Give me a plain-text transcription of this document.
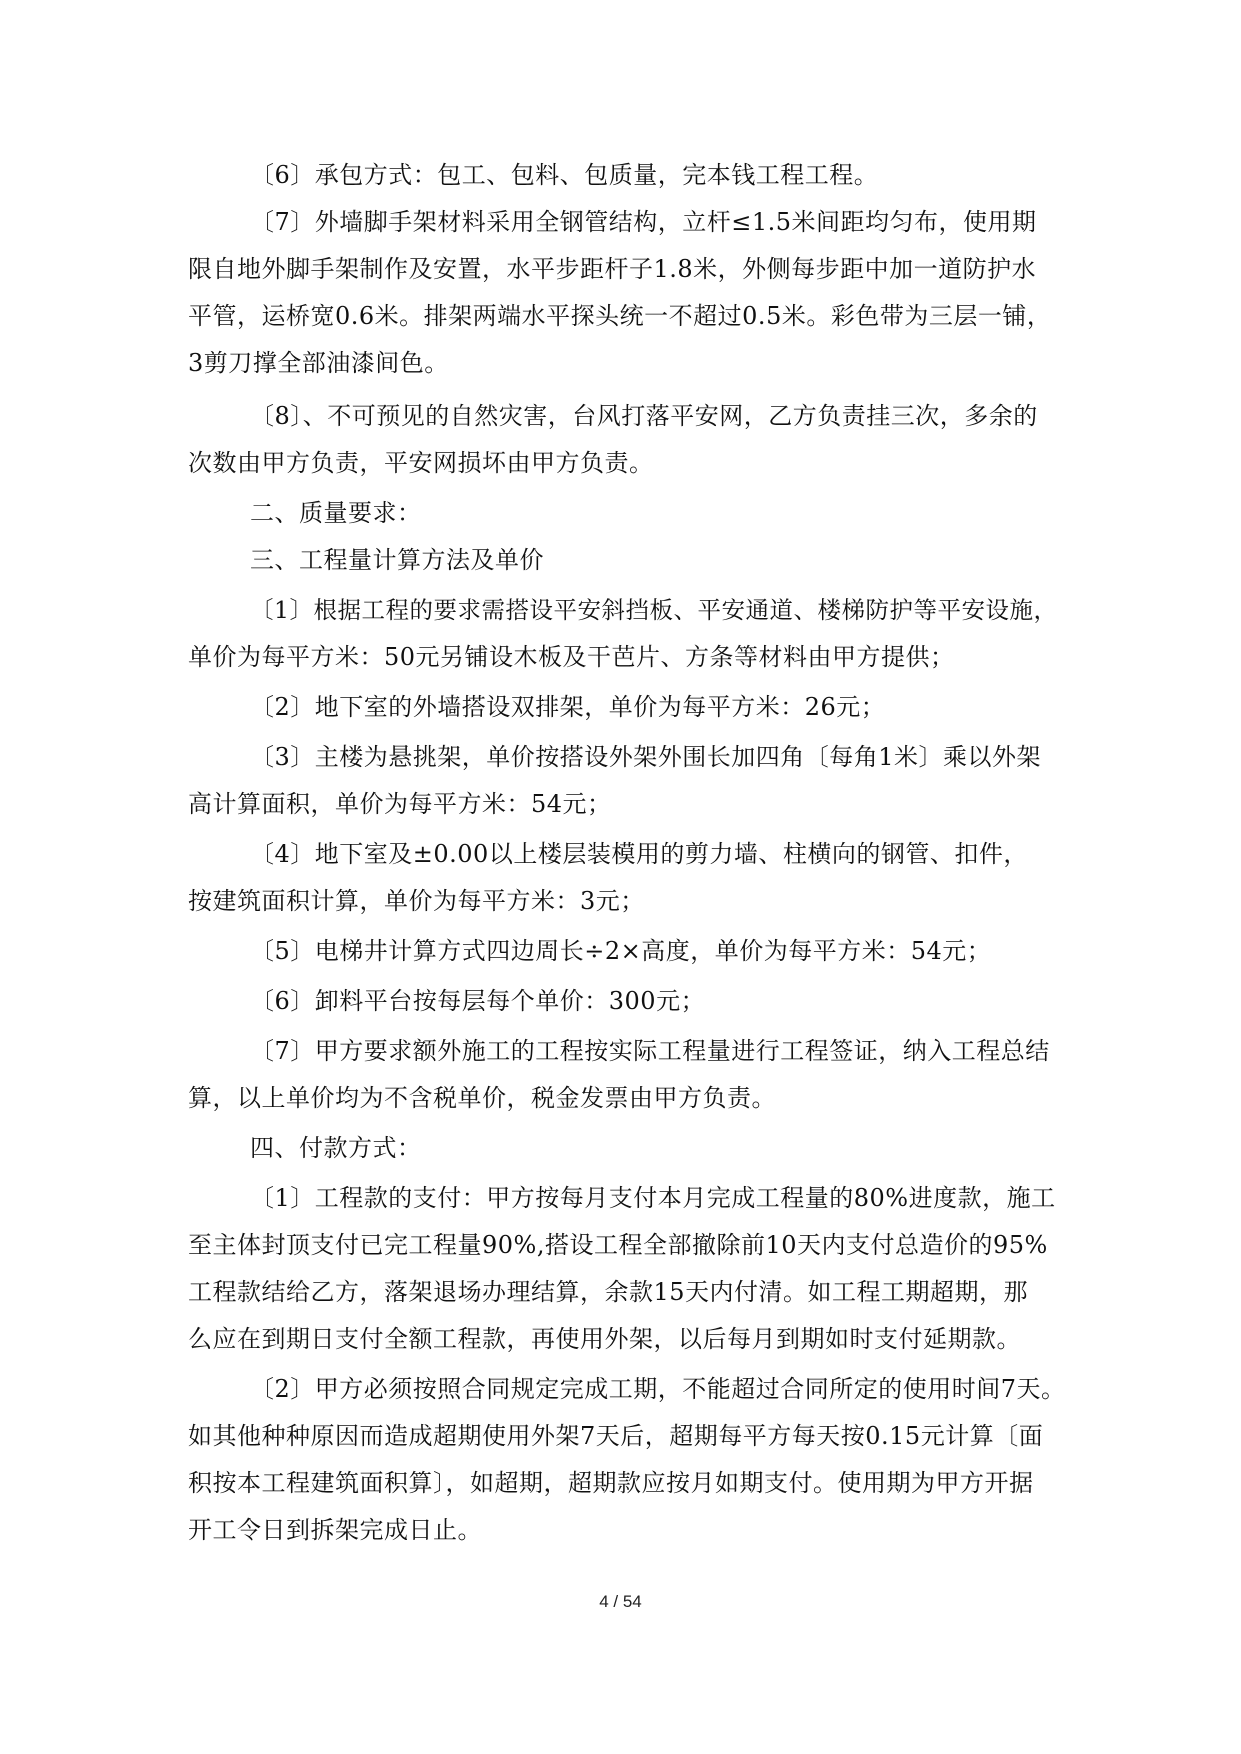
〔6〕承包方式：包工、包料、包质量，完本钱工程工程。
〔7〕外墙脚手架材料采用全钢管结构，立杆≤1.5米间距均匀布，使用期
限自地外脚手架制作及安置，水平步距杆子1.8米，外侧每步距中加一道防护水
平管，运桥宽0.6米。排架两端水平探头统一不超过0.5米。彩色带为三层一铺，
3剪刀撑全部油漆间色。
〔8〕、不可预见的自然灾害，台风打落平安网，乙方负责挂三次，多余的
次数由甲方负责，平安网损坏由甲方负责。
二、质量要求：
三、工程量计算方法及单价
〔1〕根据工程的要求需搭设平安斜挡板、平安通道、楼梯防护等平安设施，
单价为每平方米：50元另铺设木板及干芭片、方条等材料由甲方提供；
〔2〕地下室的外墙搭设双排架，单价为每平方米：26元；
〔3〕主楼为悬挑架，单价按搭设外架外围长加四角〔每角1米〕乘以外架
高计算面积，单价为每平方米：54元；
〔4〕地下室及±0.00以上楼层装模用的剪力墙、柱横向的钢管、扣件，
按建筑面积计算，单价为每平方米：3元；
〔5〕电梯井计算方式四边周长÷2×高度，单价为每平方米：54元；
〔6〕卸料平台按每层每个单价：300元；
〔7〕甲方要求额外施工的工程按实际工程量进行工程签证，纳入工程总结
算，以上单价均为不含税单价，税金发票由甲方负责。
四、付款方式：
〔1〕工程款的支付：甲方按每月支付本月完成工程量的80%进度款，施工
至主体封顶支付已完工程量90%,搭设工程全部撤除前10天内支付总造价的95%
工程款结给乙方，落架退场办理结算，余款15天内付清。如工程工期超期，那
么应在到期日支付全额工程款，再使用外架，以后每月到期如时支付延期款。
〔2〕甲方必须按照合同规定完成工期，不能超过合同所定的使用时间7天。
如其他种种原因而造成超期使用外架7天后，超期每平方每天按0.15元计算〔面
积按本工程建筑面积算〕，如超期，超期款应按月如期支付。使用期为甲方开据
开工令日到拆架完成日止。
4 / 54
